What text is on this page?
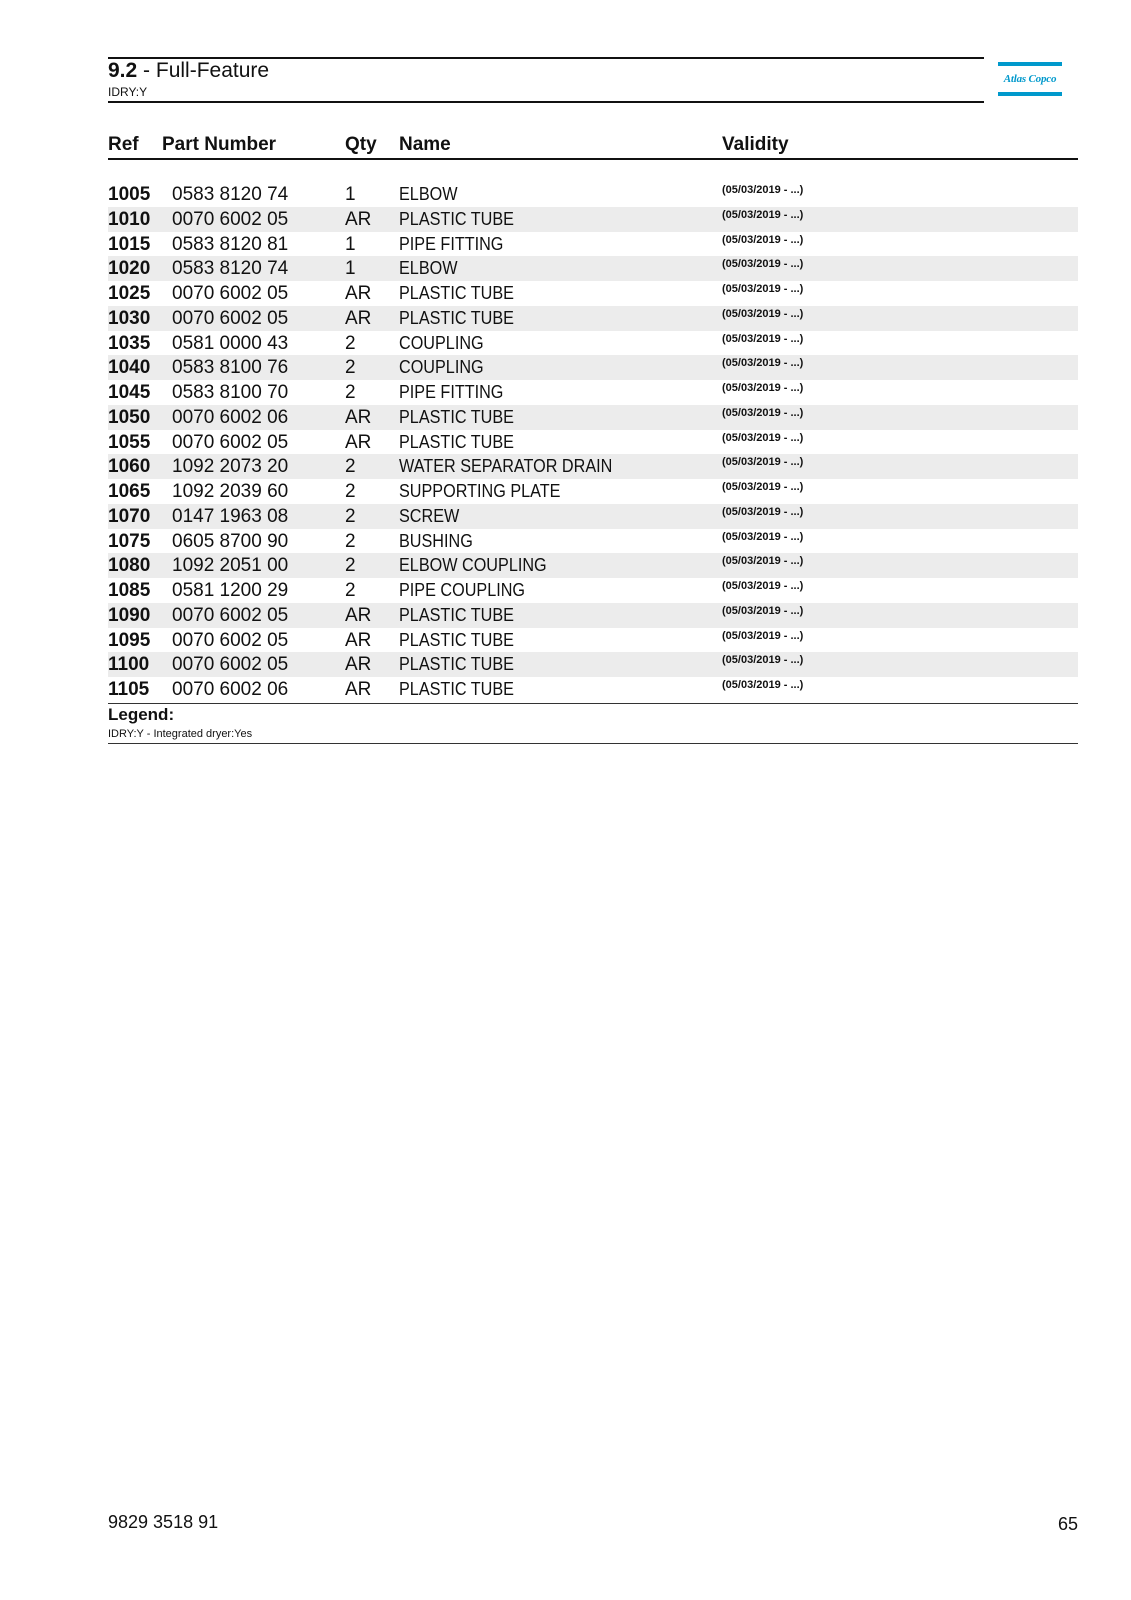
9.2 - Full-Feature
IDRY:Y
Atlas Copco
Ref Part Number	Qty Name	Validity
1005 0583 8120 74	1 ELBOW	(05/03/2019 - ...)
1010 0070 6002 05	AR PLASTIC TUBE	(05/03/2019 - ...)
1015 0583 8120 81	1 PIPE FITTING	(05/03/2019 - ...)
1020 0583 8120 74	1 ELBOW	(05/03/2019 - ...)
1025 0070 6002 05	AR PLASTIC TUBE	(05/03/2019 - ...)
1030 0070 6002 05	AR PLASTIC TUBE	(05/03/2019 - ...)
1035 0581 0000 43	2 COUPLING	(05/03/2019 - ...)
1040 0583 8100 76	2 COUPLING	(05/03/2019 - ...)
1045 0583 8100 70	2 PIPE FITTING	(05/03/2019 - ...)
1050 0070 6002 06	AR PLASTIC TUBE	(05/03/2019 - ...)
1055 0070 6002 05	AR PLASTIC TUBE	(05/03/2019 - ...)
1060 1092 2073 20	2 WATER SEPARATOR DRAIN	(05/03/2019 - ...)
1065 1092 2039 60	2 SUPPORTING PLATE	(05/03/2019 - ...)
1070 0147 1963 08	2 SCREW	(05/03/2019 - ...)
1075 0605 8700 90	2 BUSHING	(05/03/2019 - ...)
1080 1092 2051 00	2 ELBOW COUPLING	(05/03/2019 - ...)
1085 0581 1200 29	2 PIPE COUPLING	(05/03/2019 - ...)
1090 0070 6002 05	AR PLASTIC TUBE	(05/03/2019 - ...)
1095 0070 6002 05	AR PLASTIC TUBE	(05/03/2019 - ...)
1100 0070 6002 05	AR PLASTIC TUBE	(05/03/2019 - ...)
1105 0070 6002 06	AR PLASTIC TUBE	(05/03/2019 - ...)
Legend:
IDRY:Y - Integrated dryer:Yes
9829 3518 91	65
